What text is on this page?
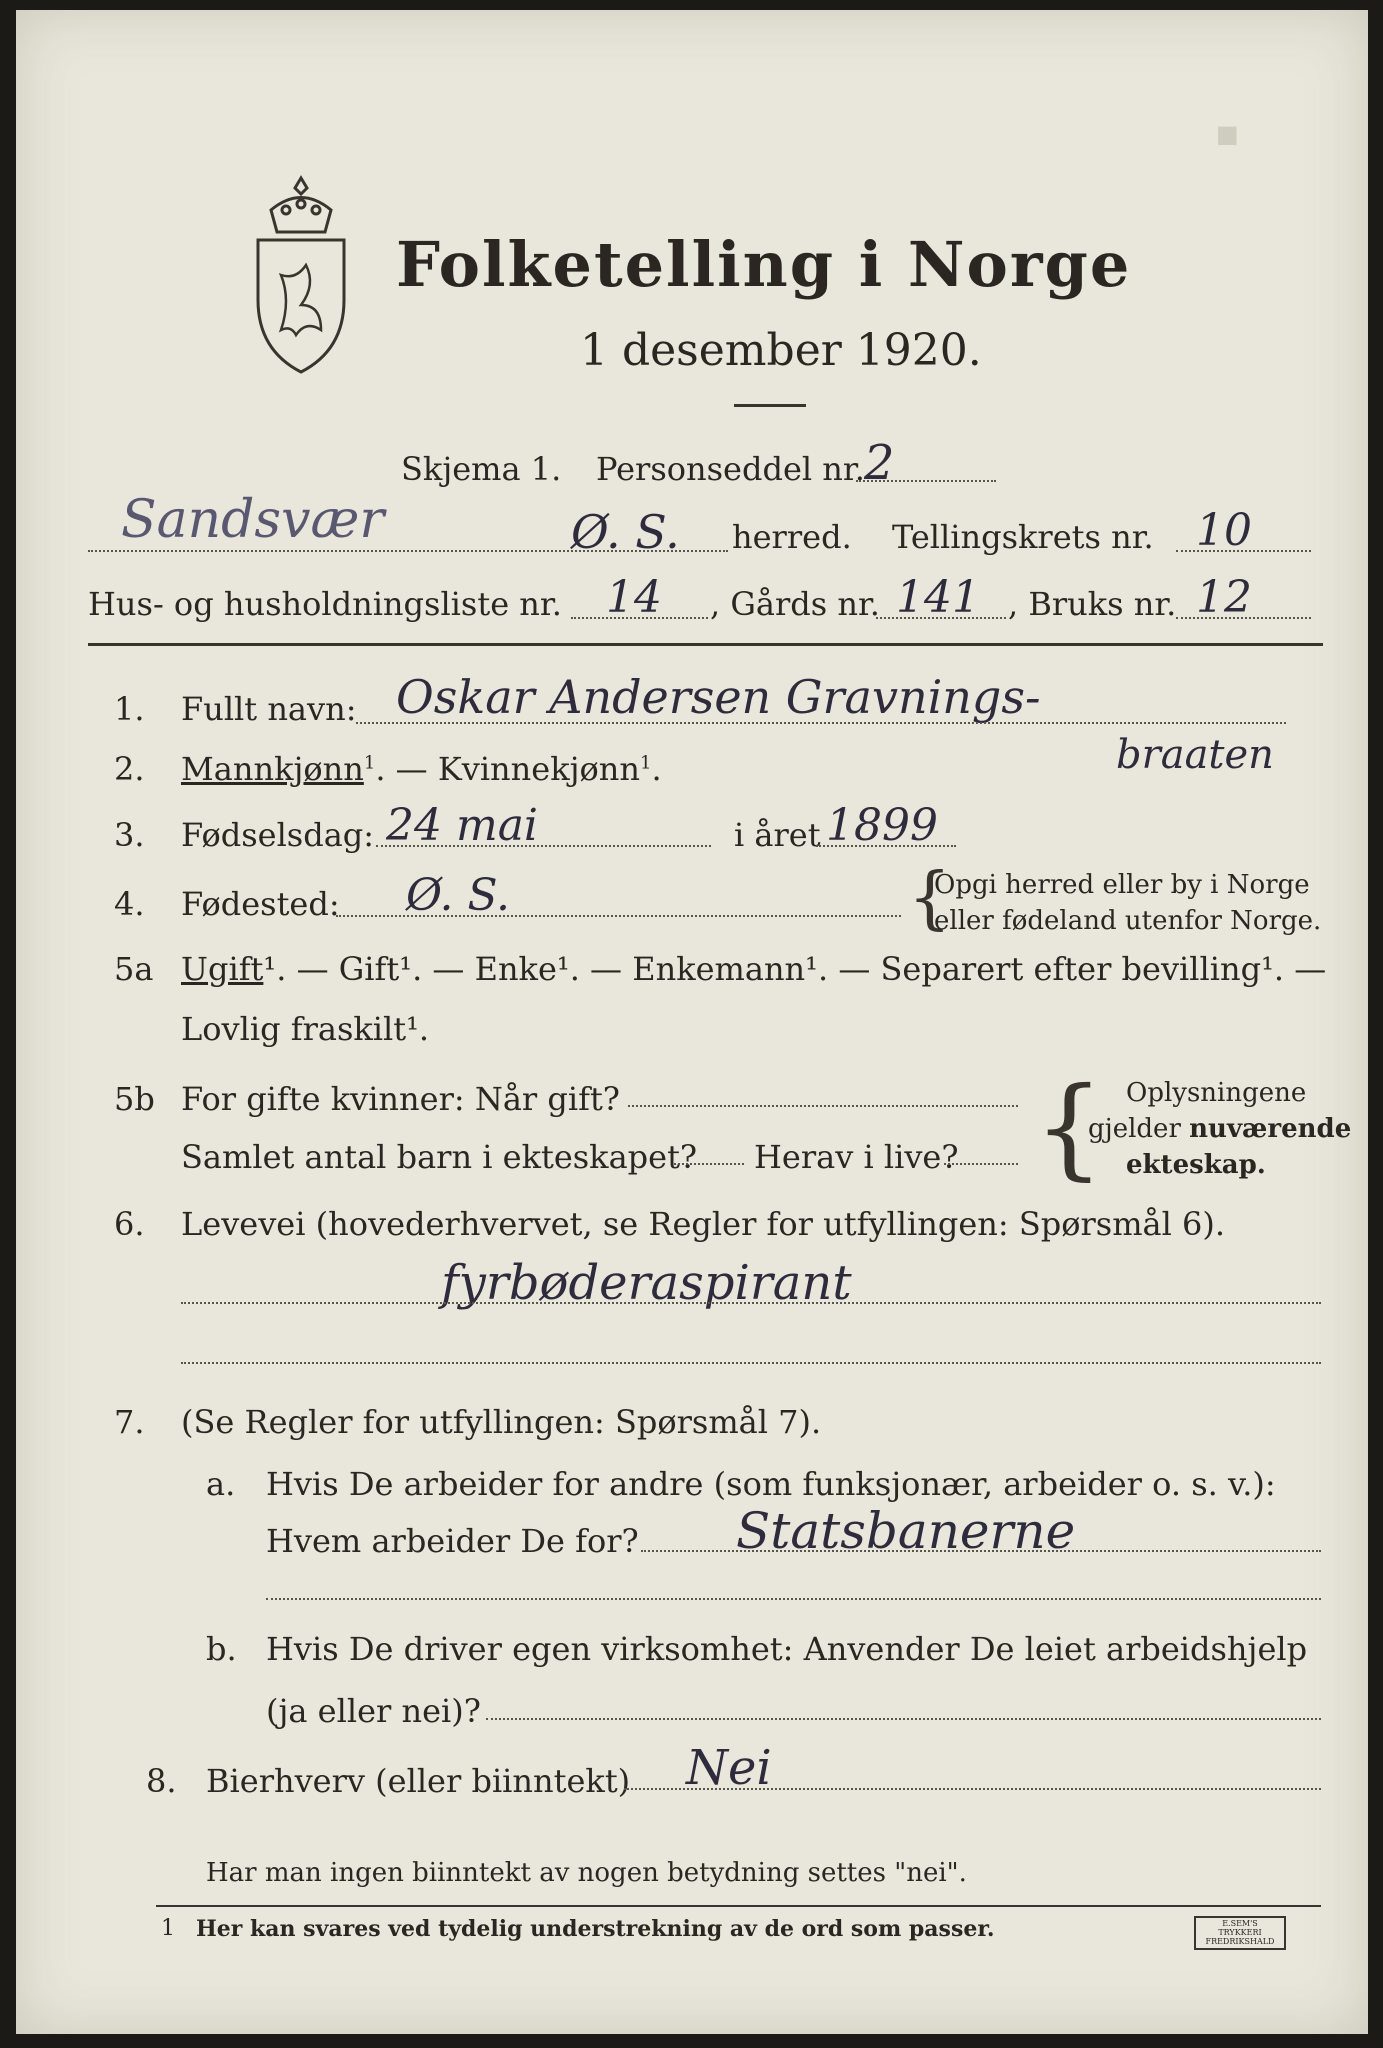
Folketelling i Norge
1 desember 1920.
■
Skjema 1. Personseddel nr. 2
Sandsvær	Ø. S. herred. Tellingskrets nr. 10
Hus- og husholdningsliste nr. 14 , Gårds nr. 141 , Bruks nr. 12
1. Fullt navn: Oskar Andersen Gravnings-
braaten
2. Mannkjønn$^1$. — Kvinnekjønn$^1$.
3. Fødselsdag: 24 mai	i året 1899
4. Fødested: Ø. S.	{
Opgi herred eller by i Norge
eller fødeland utenfor Norge.
5a Ugift¹. — Gift¹. — Enke¹. — Enkemann¹. — Separert efter bevilling¹. —
Lovlig fraskilt¹.
5b For gifte kvinner: Når gift?
Samlet antal barn i ekteskapet? Herav i live? { Oplysningene
gjelder nuværende
ekteskap.
6. Levevei (hovederhvervet, se Regler for utfyllingen: Spørsmål 6).
fyrbøderaspirant
7. (Se Regler for utfyllingen: Spørsmål 7).
a. Hvis De arbeider for andre (som funksjonær, arbeider o. s. v.):
Hvem arbeider De for? Statsbanerne
b. Hvis De driver egen virksomhet: Anvender De leiet arbeidshjelp
(ja eller nei)?
8. Bierhverv (eller biinntekt) Nei
Har man ingen biinntekt av nogen betydning settes "nei".
1 Her kan svares ved tydelig understrekning av de ord som passer.	E.SEM'S TRYKKERI
FREDRIKSHALD
